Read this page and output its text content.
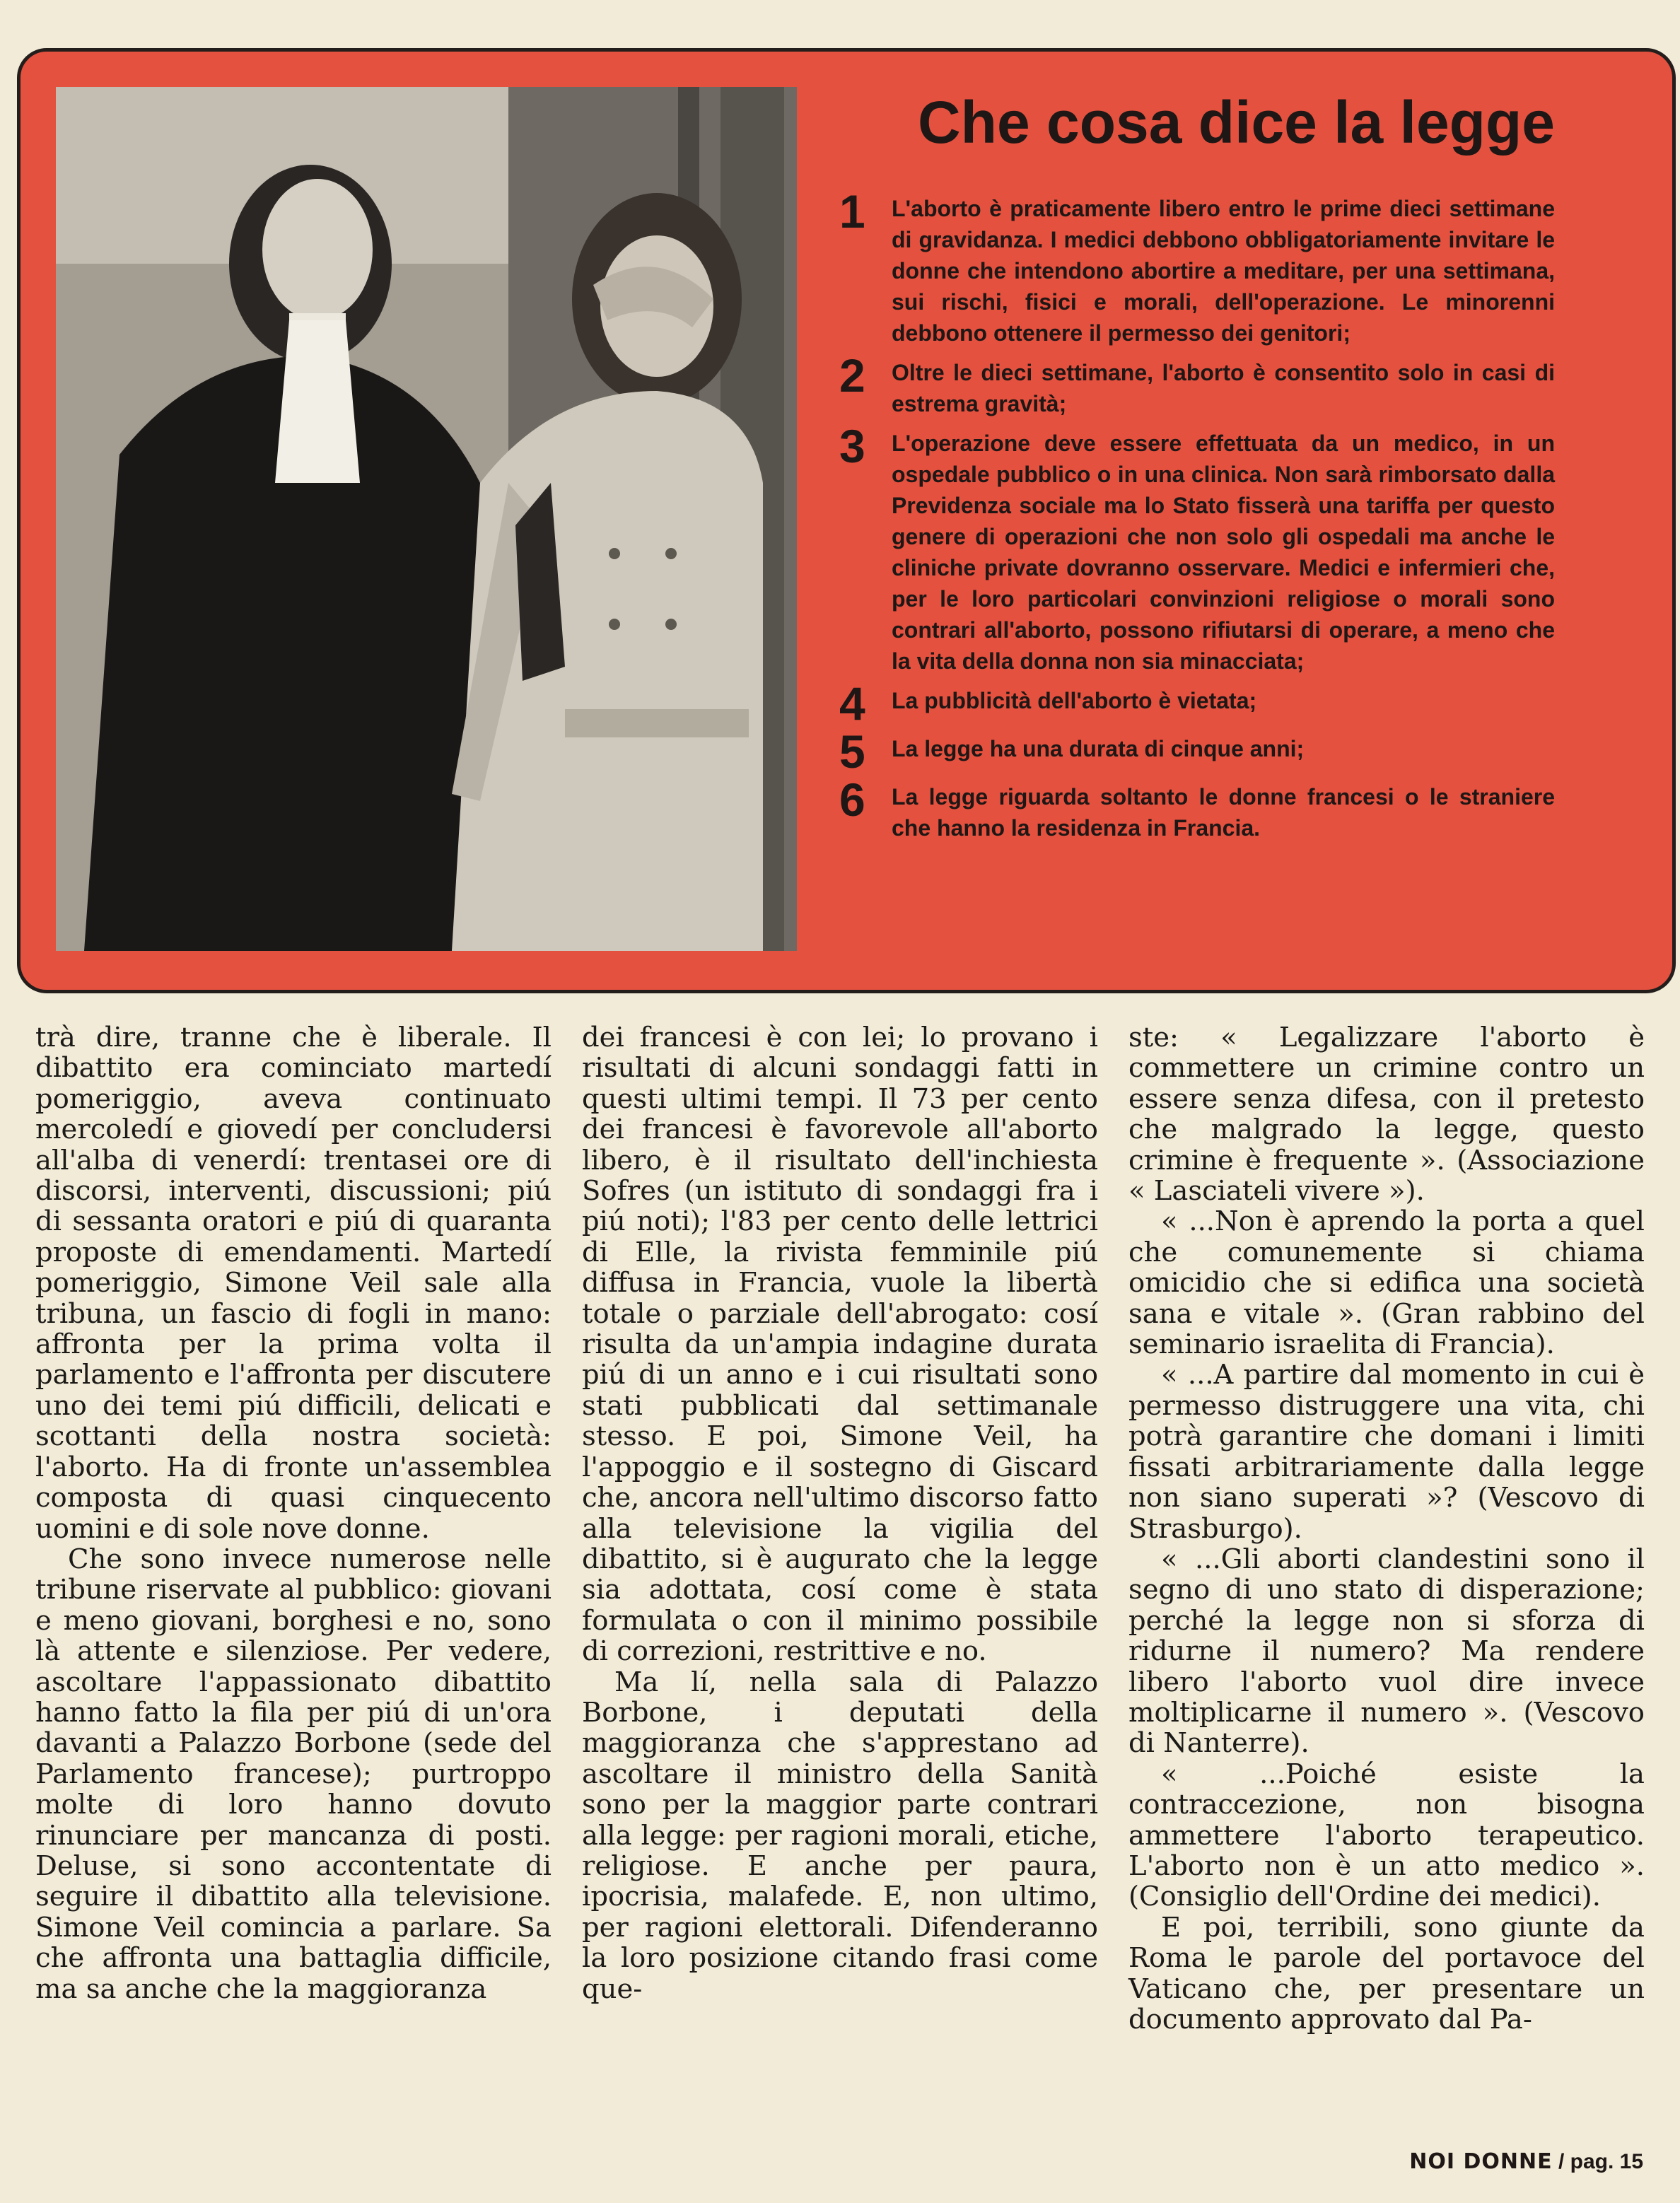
Che cosa dice la legge
1 L'aborto è praticamente libero entro le prime dieci settimane di gravidanza. I medici debbono obbligatoriamente invitare le donne che intendono abortire a meditare, per una settimana, sui rischi, fisici e morali, dell'operazione. Le minorenni debbono ottenere il permesso dei genitori;
2 Oltre le dieci settimane, l'aborto è consentito solo in casi di estrema gravità;
3 L'operazione deve essere effettuata da un medico, in un ospedale pubblico o in una clinica. Non sarà rimborsato dalla Previdenza sociale ma lo Stato fisserà una tariffa per questo genere di operazioni che non solo gli ospedali ma anche le cliniche private dovranno osservare. Medici e infermieri che, per le loro particolari convinzioni religiose o morali sono contrari all'aborto, possono rifiutarsi di operare, a meno che la vita della donna non sia minacciata;
4 La pubblicità dell'aborto è vietata;
5 La legge ha una durata di cinque anni;
6 La legge riguarda soltanto le donne francesi o le straniere che hanno la residenza in Francia.

trà dire, tranne che è liberale. Il dibattito era cominciato martedí pomeriggio, aveva continuato mercoledí e giovedí per concludersi all'alba di venerdí: trentasei ore di discorsi, interventi, discussioni; piú di sessanta oratori e piú di quaranta proposte di emendamenti. Martedí pomeriggio, Simone Veil sale alla tribuna, un fascio di fogli in mano: affronta per la prima volta il parlamento e l'affronta per discutere uno dei temi piú difficili, delicati e scottanti della nostra società: l'aborto. Ha di fronte un'assemblea composta di quasi cinquecento uomini e di sole nove donne.

Che sono invece numerose nelle tribune riservate al pubblico: giovani e meno giovani, borghesi e no, sono là attente e silenziose. Per vedere, ascoltare l'appassionato dibattito hanno fatto la fila per piú di un'ora davanti a Palazzo Borbone (sede del Parlamento francese); purtroppo molte di loro hanno dovuto rinunciare per mancanza di posti. Deluse, si sono accontentate di seguire il dibattito alla televisione. Simone Veil comincia a parlare. Sa che affronta una battaglia difficile, ma sa anche che la maggioranza

dei francesi è con lei; lo provano i risultati di alcuni sondaggi fatti in questi ultimi tempi. Il 73 per cento dei francesi è favorevole all'aborto libero, è il risultato dell'inchiesta Sofres (un istituto di sondaggi fra i piú noti); l'83 per cento delle lettrici di Elle, la rivista femminile piú diffusa in Francia, vuole la libertà totale o parziale dell'abrogato: cosí risulta da un'ampia indagine durata piú di un anno e i cui risultati sono stati pubblicati dal settimanale stesso. E poi, Simone Veil, ha l'appoggio e il sostegno di Giscard che, ancora nell'ultimo discorso fatto alla televisione la vigilia del dibattito, si è augurato che la legge sia adottata, cosí come è stata formulata o con il minimo possibile di correzioni, restrittive e no.

Ma lí, nella sala di Palazzo Borbone, i deputati della maggioranza che s'apprestano ad ascoltare il ministro della Sanità sono per la maggior parte contrari alla legge: per ragioni morali, etiche, religiose. E anche per paura, ipocrisia, malafede. E, non ultimo, per ragioni elettorali. Difenderanno la loro posizione citando frasi come que-

ste: « Legalizzare l'aborto è commettere un crimine contro un essere senza difesa, con il pretesto che malgrado la legge, questo crimine è frequente ». (Associazione « Lasciateli vivere »).

« ...Non è aprendo la porta a quel che comunemente si chiama omicidio che si edifica una società sana e vitale ». (Gran rabbino del seminario israelita di Francia).

« ...A partire dal momento in cui è permesso distruggere una vita, chi potrà garantire che domani i limiti fissati arbitrariamente dalla legge non siano superati »? (Vescovo di Strasburgo).

« ...Gli aborti clandestini sono il segno di uno stato di disperazione; perché la legge non si sforza di ridurne il numero? Ma rendere libero l'aborto vuol dire invece moltiplicarne il numero ». (Vescovo di Nanterre).

« ...Poiché esiste la contraccezione, non bisogna ammettere l'aborto terapeutico. L'aborto non è un atto medico ». (Consiglio dell'Ordine dei medici).

E poi, terribili, sono giunte da Roma le parole del portavoce del Vaticano che, per presentare un documento approvato dal Pa-

NOI DONNE / pag. 15
